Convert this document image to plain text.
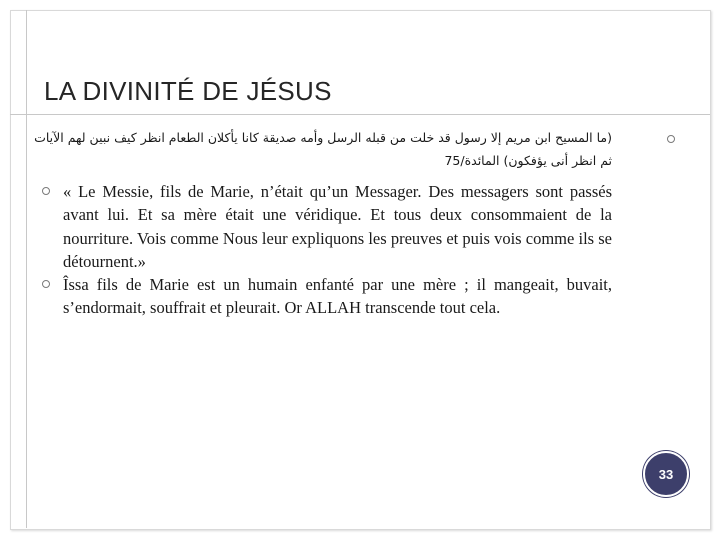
LA DIVINITÉ DE JÉSUS
(ما المسيح ابن مريم إلا رسول قد خلت من قبله الرسل وأمه صديقة كانا يأكلان الطعام انظر كيف نبين لهم الآيات
ثم انظر أنى يؤفكون) المائدة/75
« Le Messie, fils de Marie, n’était qu’un Messager. Des messagers sont passés avant lui. Et sa mère était une véridique. Et tous deux consommaient de la nourriture. Vois comme Nous leur expliquons les preuves et puis vois comme ils se détournent.»
Îssa fils de Marie est un humain enfanté par une mère ; il mangeait, buvait, s’endormait, souffrait et pleurait. Or ALLAH transcende tout cela.
33
